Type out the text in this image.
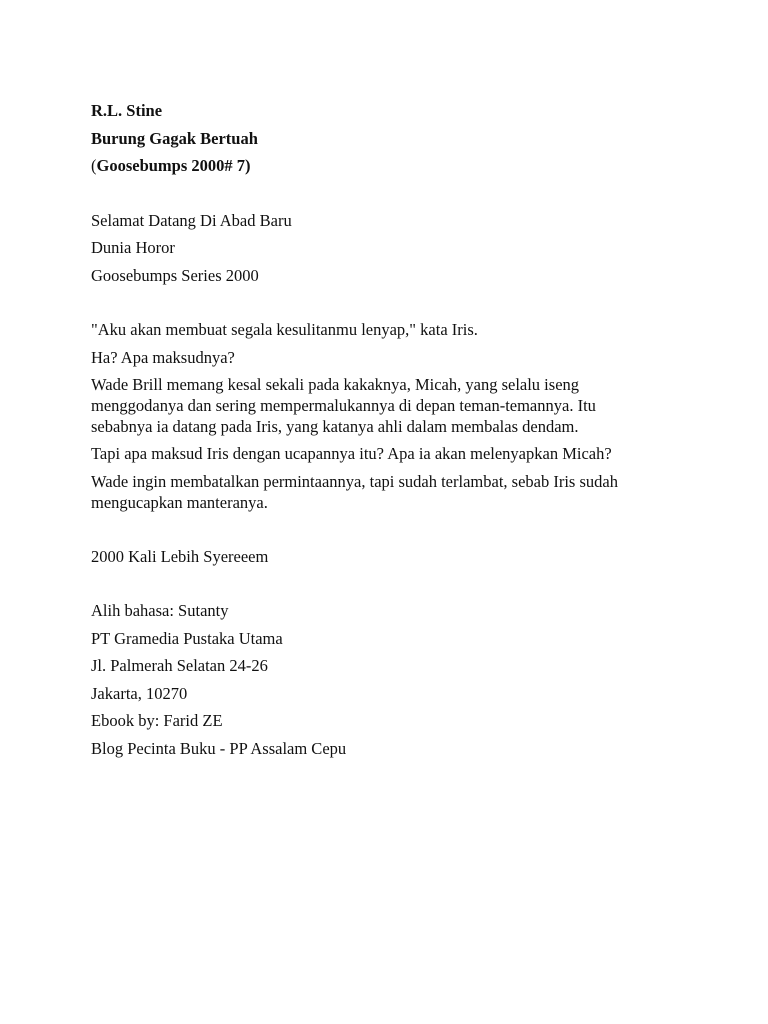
R.L. Stine
Burung Gagak Bertuah
(Goosebumps 2000# 7)
Selamat Datang Di Abad Baru
Dunia Horor
Goosebumps Series 2000
"Aku akan membuat segala kesulitanmu lenyap," kata Iris.
Ha? Apa maksudnya?
Wade Brill memang kesal sekali pada kakaknya, Micah, yang selalu iseng
menggodanya dan sering mempermalukannya di depan teman-temannya. Itu
sebabnya ia datang pada Iris, yang katanya ahli dalam membalas dendam.
Tapi apa maksud Iris dengan ucapannya itu? Apa ia akan melenyapkan Micah?
Wade ingin membatalkan permintaannya, tapi sudah terlambat, sebab Iris sudah
mengucapkan manteranya.
2000 Kali Lebih Syereeem
Alih bahasa: Sutanty
PT Gramedia Pustaka Utama
Jl. Palmerah Selatan 24-26
Jakarta, 10270
Ebook by: Farid ZE
Blog Pecinta Buku - PP Assalam Cepu
